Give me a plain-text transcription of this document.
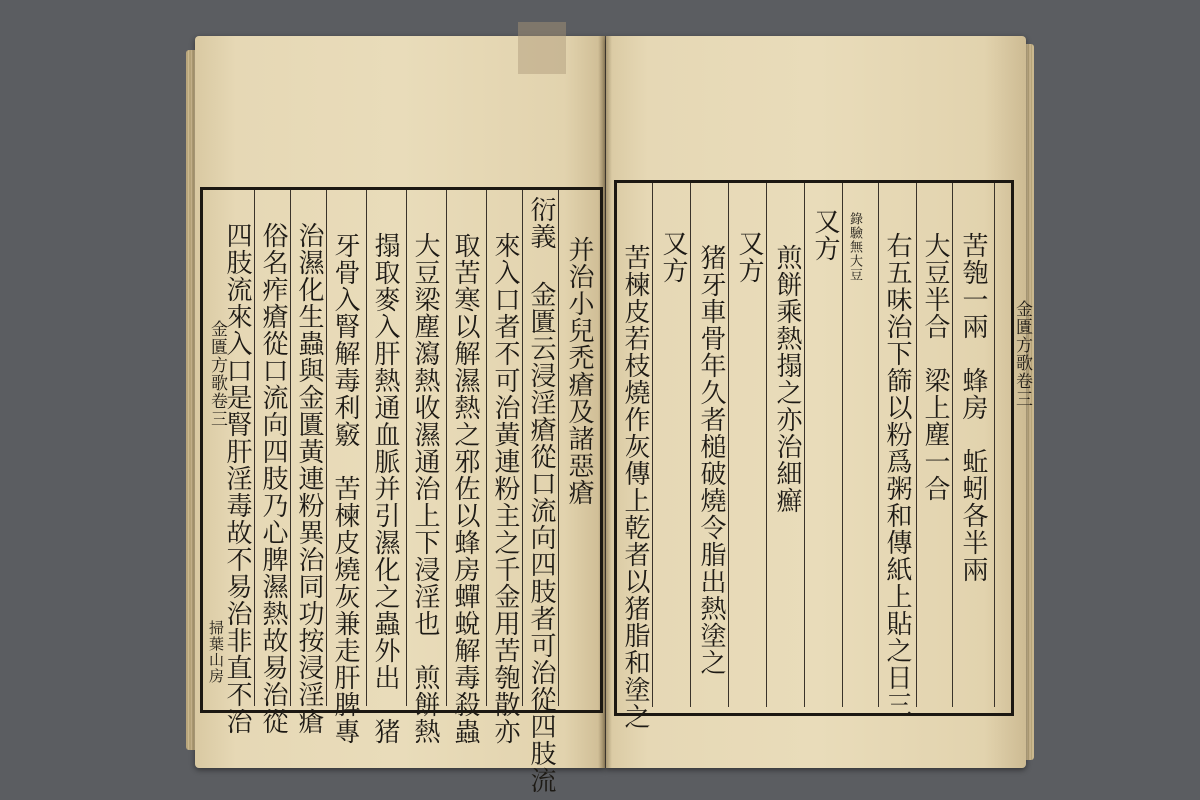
金匱方歌卷三
掃葉山房
并治小兒禿瘡及諸惡瘡
衍義 金匱云浸淫瘡從口流向四肢者可治從四肢流
來入口者不可治黃連粉主之千金用苦匏散亦
取苦寒以解濕熱之邪佐以蜂房蟬蛻解毒殺蟲
大豆梁塵瀉熱收濕通治上下浸淫也　煎餅熱
搨取麥入肝熱通血脈并引濕化之蟲外出　猪
牙骨入腎解毒利竅　苦楝皮燒灰兼走肝脾專
治濕化生蟲與金匱黃連粉異治同功按浸淫瘡
俗名痄瘡從口流向四肢乃心脾濕熱故易治從
四肢流來入口是腎肝淫毒故不易治非直不治	金匱方歌卷三
苦匏一兩　蜂房　蚯蚓各半兩
大豆半合　梁上塵一合
右五味治下篩以粉爲粥和傳紙上貼之日三
錄驗無大豆
又方
煎餅乘熱搨之亦治細癬
又方
猪牙車骨年久者槌破燒令脂出熱塗之
又方
苦楝皮若枝燒作灰傳上乾者以猪脂和塗之
